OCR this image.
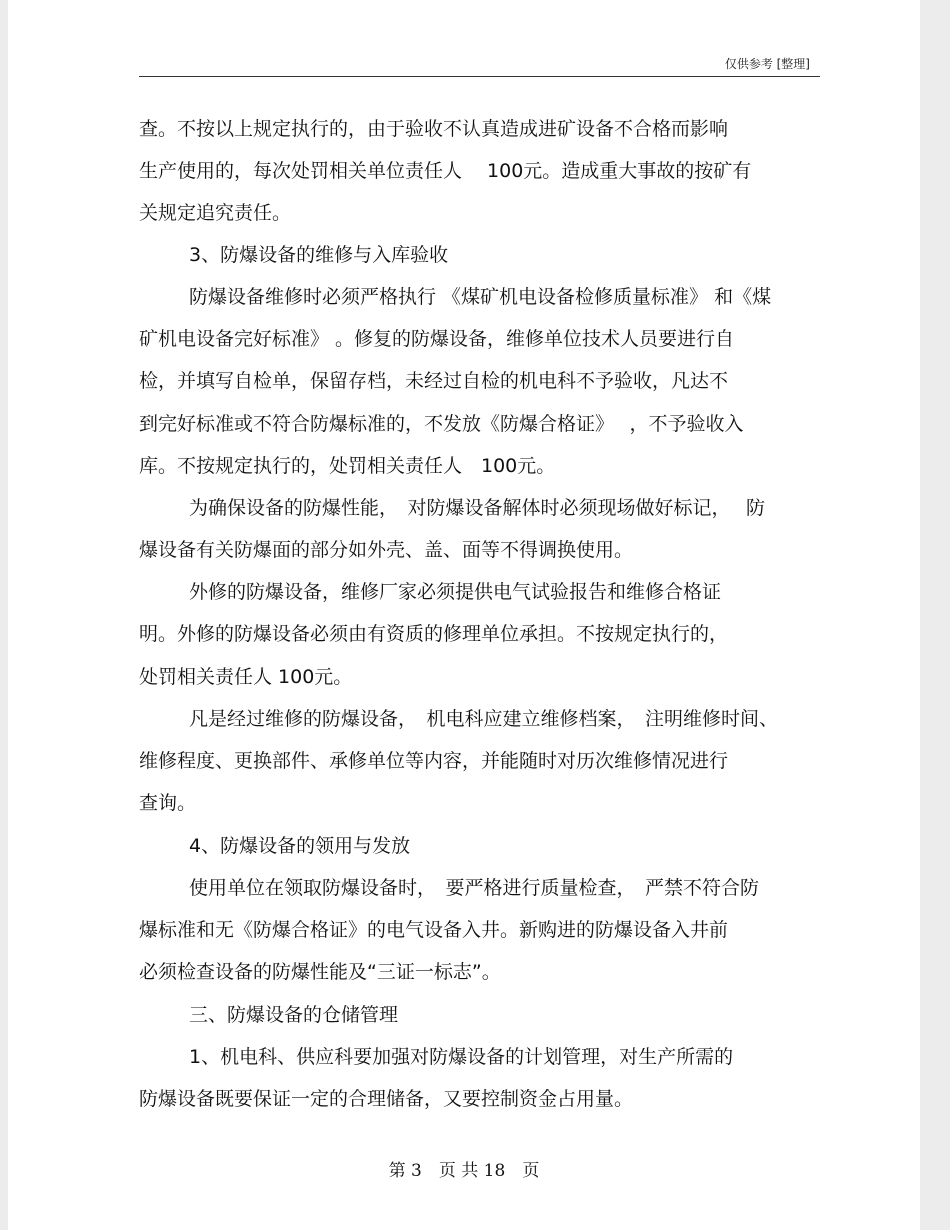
仅供参考 [整理]
查。不按以上规定执行的，由于验收不认真造成进矿设备不合格而影响
生产使用的，每次处罚相关单位责任人　 100元。造成重大事故的按矿有
关规定追究责任。
3、防爆设备的维修与入库验收
防爆设备维修时必须严格执行 《煤矿机电设备检修质量标准》 和《煤
矿机电设备完好标准》 。修复的防爆设备，维修单位技术人员要进行自
检，并填写自检单，保留存档，未经过自检的机电科不予验收，凡达不
到完好标准或不符合防爆标准的，不发放《防爆合格证》　 ，不予验收入
库。不按规定执行的，处罚相关责任人　100元。
为确保设备的防爆性能，　对防爆设备解体时必须现场做好标记，　 防
爆设备有关防爆面的部分如外壳、盖、面等不得调换使用。
外修的防爆设备，维修厂家必须提供电气试验报告和维修合格证
明。外修的防爆设备必须由有资质的修理单位承担。不按规定执行的，
处罚相关责任人 100元。
凡是经过维修的防爆设备，　机电科应建立维修档案，　注明维修时间、
维修程度、更换部件、承修单位等内容，并能随时对历次维修情况进行
查询。
4、防爆设备的领用与发放
使用单位在领取防爆设备时，　要严格进行质量检查，　严禁不符合防
爆标准和无《防爆合格证》的电气设备入井。新购进的防爆设备入井前
必须检查设备的防爆性能及“三证一标志”。
三、防爆设备的仓储管理
1、机电科、供应科要加强对防爆设备的计划管理，对生产所需的
防爆设备既要保证一定的合理储备，又要控制资金占用量。
第 3　页 共 18　页
